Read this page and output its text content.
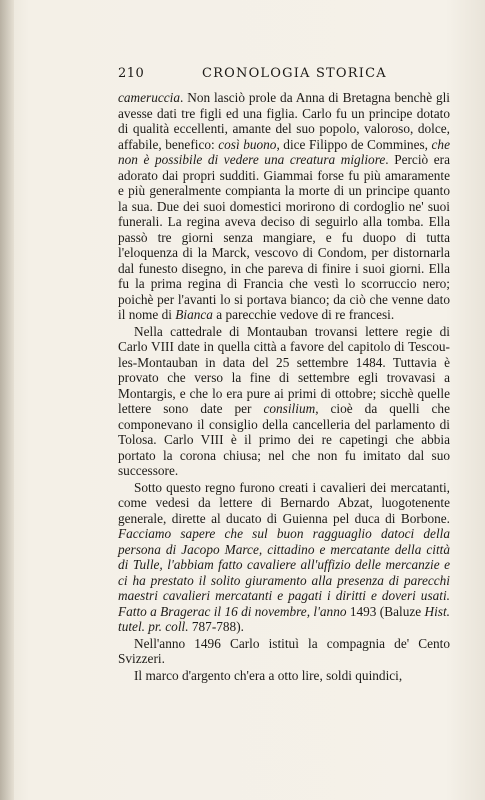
210	CRONOLOGIA STORICA

cameruccia. Non lasciò prole da Anna di Bretagna benchè gli avesse dati tre figli ed una figlia. Carlo fu un principe dotato di qualità eccellenti, amante del suo popolo, valoroso, dolce, affabile, benefico: così buono, dice Filippo de Commines, che non è possibile di vedere una creatura migliore. Perciò era adorato dai propri sudditi. Giammai forse fu più amaramente e più generalmente compianta la morte di un principe quanto la sua. Due dei suoi domestici morirono di cordoglio ne' suoi funerali. La regina aveva deciso di seguirlo alla tomba. Ella passò tre giorni senza mangiare, e fu duopo di tutta l'eloquenza di la Marck, vescovo di Condom, per distornarla dal funesto disegno, in che pareva di finire i suoi giorni. Ella fu la prima regina di Francia che vestì lo scorruccio nero; poichè per l'avanti lo si portava bianco; da ciò che venne dato il nome di Bianca a parecchie vedove di re francesi.

Nella cattedrale di Montauban trovansi lettere regie di Carlo VIII date in quella città a favore del capitolo di Tescou-les-Montauban in data del 25 settembre 1484. Tuttavia è provato che verso la fine di settembre egli trovavasi a Montargis, e che lo era pure ai primi di ottobre; sicchè quelle lettere sono date per consilium, cioè da quelli che componevano il consiglio della cancelleria del parlamento di Tolosa. Carlo VIII è il primo dei re capetingi che abbia portato la corona chiusa; nel che non fu imitato dal suo successore.

Sotto questo regno furono creati i cavalieri dei mercatanti, come vedesi da lettere di Bernardo Abzat, luogotenente generale, dirette al ducato di Guienna pel duca di Borbone. Facciamo sapere che sul buon ragguaglio datoci della persona di Jacopo Marce, cittadino e mercatante della città di Tulle, l'abbiam fatto cavaliere all'uffizio delle mercanzie e ci ha prestato il solito giuramento alla presenza di parecchi maestri cavalieri mercatanti e pagati i diritti e doveri usati. Fatto a Bragerac il 16 di novembre, l'anno 1493 (Baluze Hist. tutel. pr. coll. 787-788).

Nell'anno 1496 Carlo istituì la compagnia de' Cento Svizzeri.

Il marco d'argento ch'era a otto lire, soldi quindici,
